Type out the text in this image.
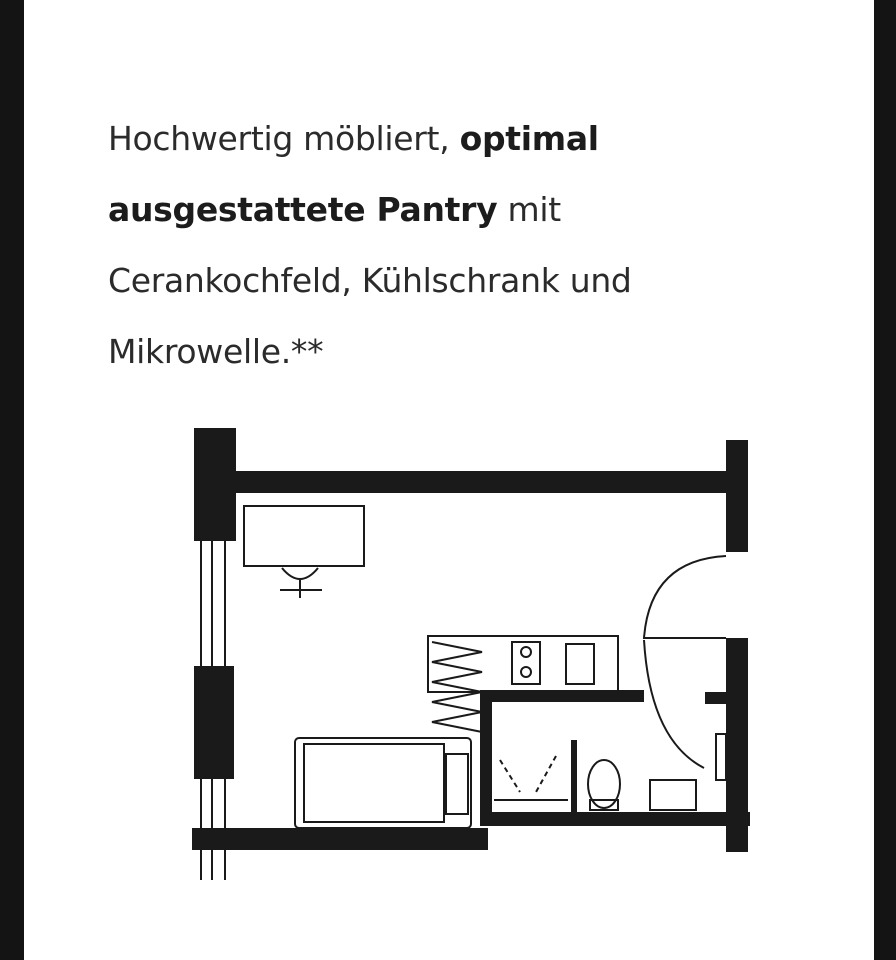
Hochwertig möbliert, optimal ausgestattete Pantry mit Cerankochfeld, Kühlschrank und Mikrowelle.**
